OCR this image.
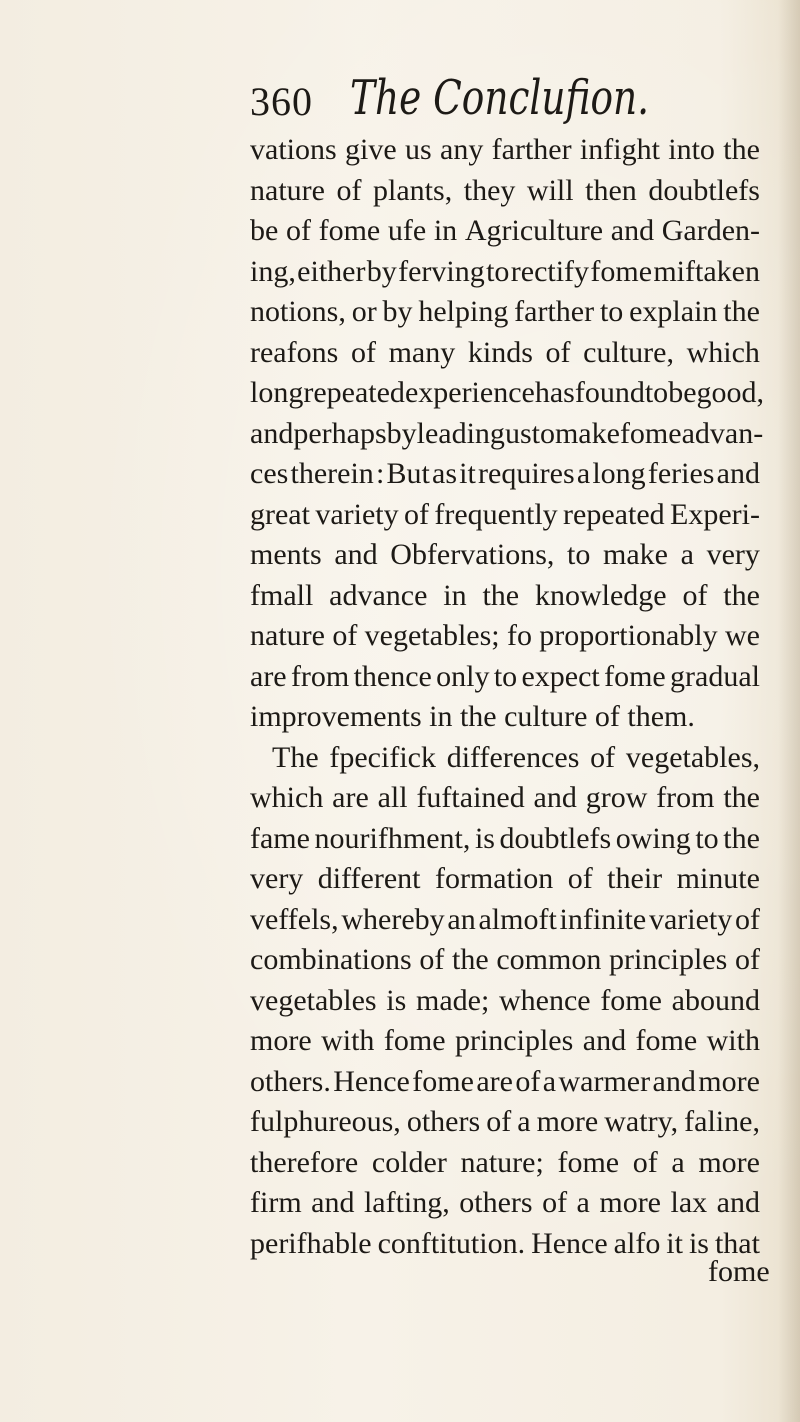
360 The Conclufion.
vations give us any farther infight into the
nature of plants, they will then doubtlefs
be of fome ufe in Agriculture and Garden-
ing, either by ferving to rectify fome miftaken
notions, or by helping farther to explain the
reafons of many kinds of culture, which
long repeated experience has found to be good,
and perhaps by leading us to make fome advan-
ces therein : But as it requires a long feries and
great variety of frequently repeated Experi-
ments and Obfervations, to make a very
fmall advance in the knowledge of the
nature of vegetables; fo proportionably we
are from thence only to expect fome gradual
improvements in the culture of them.
The fpecifick differences of vegetables,
which are all fuftained and grow from the
fame nourifhment, is doubtlefs owing to the
very different formation of their minute
veffels, whereby an almoft infinite variety of
combinations of the common principles of
vegetables is made; whence fome abound
more with fome principles and fome with
others. Hence fome are of a warmer and more
fulphureous, others of a more watry, faline,
therefore colder nature; fome of a more
firm and lafting, others of a more lax and
perifhable conftitution. Hence alfo it is that
fome
